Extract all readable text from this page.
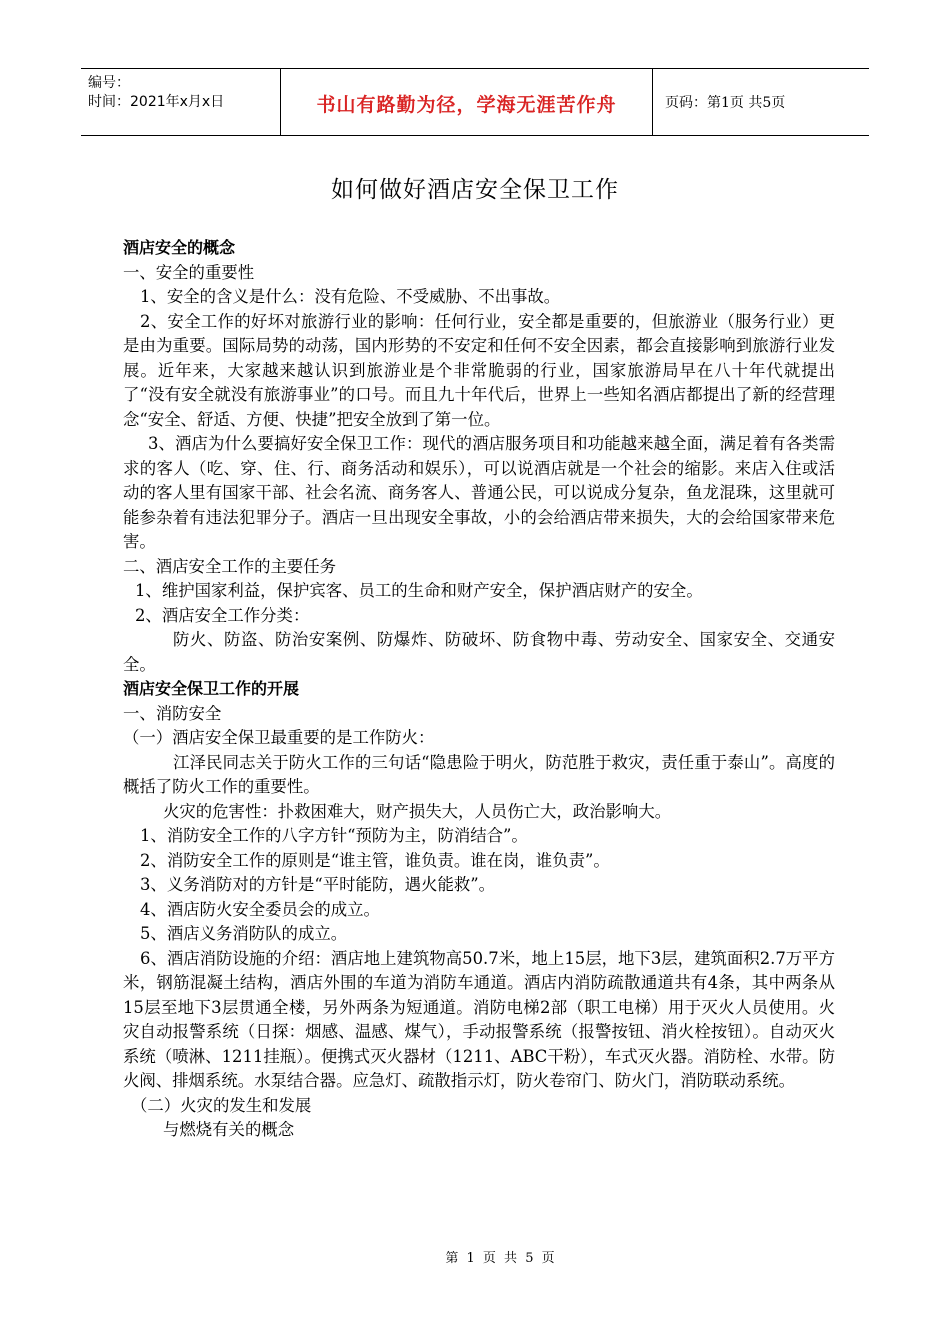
编号：
时间：2021年x月x日	书山有路勤为径，学海无涯苦作舟	页码：第1页 共5页
如何做好酒店安全保卫工作

酒店安全的概念

一、安全的重要性

1、安全的含义是什么：没有危险、不受威胁、不出事故。

2、安全工作的好坏对旅游行业的影响：任何行业，安全都是重要的，但旅游业（服务行业）更是由为重要。国际局势的动荡，国内形势的不安定和任何不安全因素，都会直接影响到旅游行业发展。近年来，大家越来越认识到旅游业是个非常脆弱的行业，国家旅游局早在八十年代就提出了“没有安全就没有旅游事业”的口号。而且九十年代后，世界上一些知名酒店都提出了新的经营理念“安全、舒适、方便、快捷”把安全放到了第一位。

3、酒店为什么要搞好安全保卫工作：现代的酒店服务项目和功能越来越全面，满足着有各类需求的客人（吃、穿、住、行、商务活动和娱乐），可以说酒店就是一个社会的缩影。来店入住或活动的客人里有国家干部、社会名流、商务客人、普通公民，可以说成分复杂，鱼龙混珠，这里就可能参杂着有违法犯罪分子。酒店一旦出现安全事故，小的会给酒店带来损失，大的会给国家带来危害。

二、酒店安全工作的主要任务

1、维护国家利益，保护宾客、员工的生命和财产安全，保护酒店财产的安全。

2、酒店安全工作分类：

防火、防盗、防治安案例、防爆炸、防破坏、防食物中毒、劳动安全、国家安全、交通安全。

酒店安全保卫工作的开展

一、消防安全

（一）酒店安全保卫最重要的是工作防火：

江泽民同志关于防火工作的三句话“隐患险于明火，防范胜于救灾，责任重于泰山”。高度的概括了防火工作的重要性。

火灾的危害性：扑救困难大，财产损失大，人员伤亡大，政治影响大。

1、消防安全工作的八字方针“预防为主，防消结合”。

2、消防安全工作的原则是“谁主管，谁负责。谁在岗，谁负责”。

3、义务消防对的方针是“平时能防，遇火能救”。

4、酒店防火安全委员会的成立。

5、酒店义务消防队的成立。

6、酒店消防设施的介绍：酒店地上建筑物高50.7米，地上15层，地下3层，建筑面积2.7万平方米，钢筋混凝土结构，酒店外围的车道为消防车通道。酒店内消防疏散通道共有4条，其中两条从15层至地下3层贯通全楼，另外两条为短通道。消防电梯2部（职工电梯）用于灭火人员使用。火灾自动报警系统（日探：烟感、温感、煤气），手动报警系统（报警按钮、消火栓按钮）。自动灭火系统（喷淋、1211挂瓶）。便携式灭火器材（1211、ABC干粉），车式灭火器。消防栓、水带。防火阀、排烟系统。水泵结合器。应急灯、疏散指示灯，防火卷帘门、防火门，消防联动系统。

（二）火灾的发生和发展

与燃烧有关的概念

第 1 页 共 5 页
